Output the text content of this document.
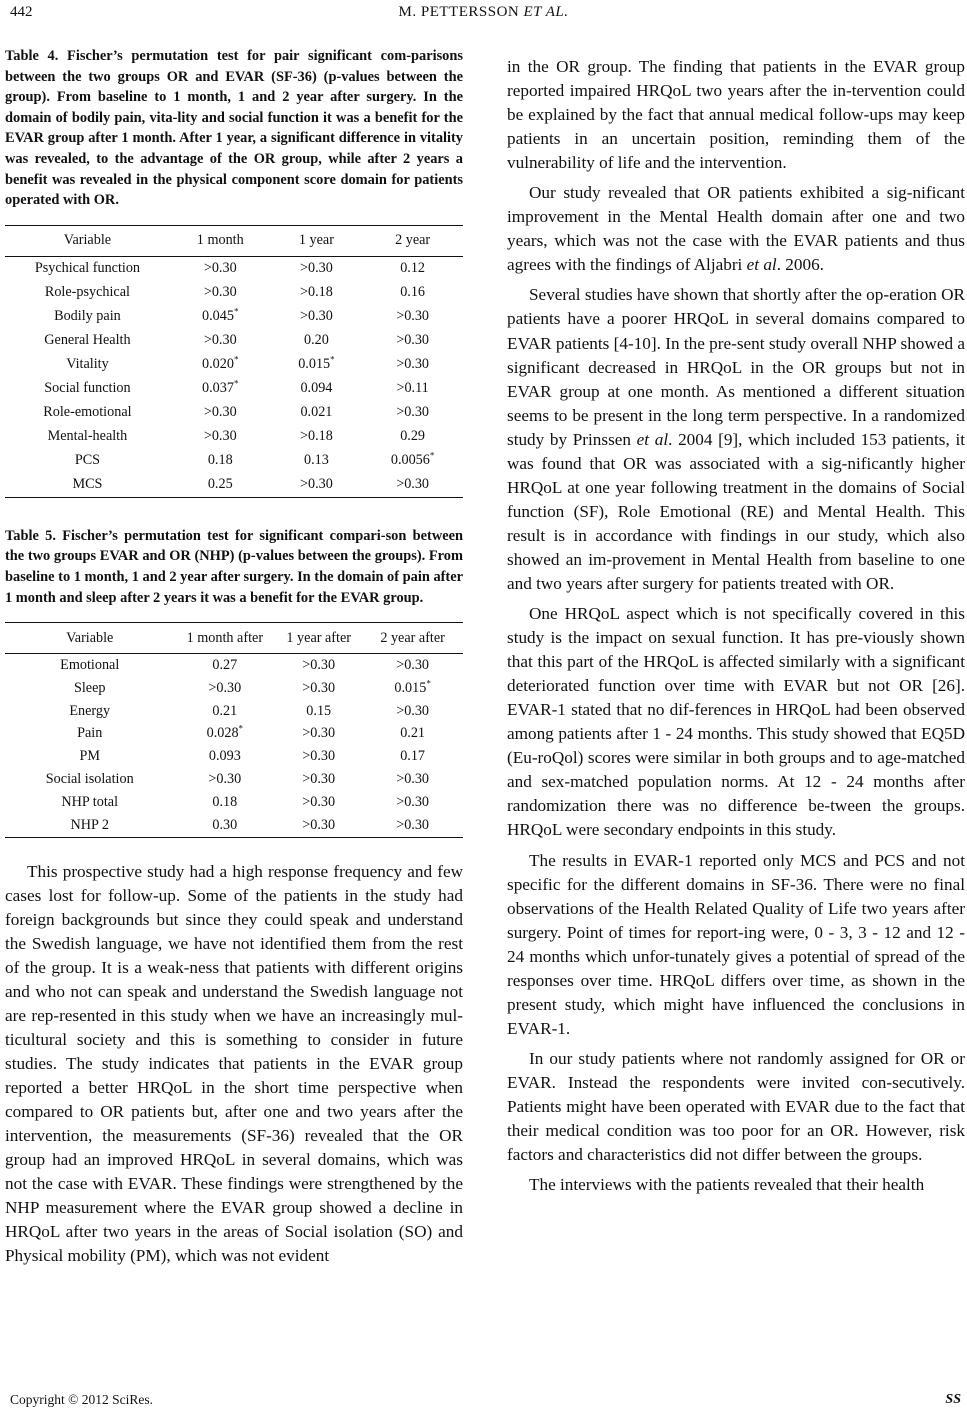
442	M. PETTERSSON ET AL.

Table 4. Fischer’s permutation test for pair significant com-parisons between the two groups OR and EVAR (SF-36) (p-values between the group). From baseline to 1 month, 1 and 2 year after surgery. In the domain of bodily pain, vita-lity and social function it was a benefit for the EVAR group after 1 month. After 1 year, a significant difference in vitality was revealed, to the advantage of the OR group, while after 2 years a benefit was revealed in the physical component score domain for patients operated with OR.

Variable	1 month	1 year	2 year
Psychical function	>0.30	>0.30	0.12
Role-psychical	>0.30	>0.18	0.16
Bodily pain	0.045*	>0.30	>0.30
General Health	>0.30	0.20	>0.30
Vitality	0.020*	0.015*	>0.30
Social function	0.037*	0.094	>0.11
Role-emotional	>0.30	0.021	>0.30
Mental-health	>0.30	>0.18	0.29
PCS	0.18	0.13	0.0056*
MCS	0.25	>0.30	>0.30

Table 5. Fischer’s permutation test for significant compari-son between the two groups EVAR and OR (NHP) (p-values between the groups). From baseline to 1 month, 1 and 2 year after surgery. In the domain of pain after 1 month and sleep after 2 years it was a benefit for the EVAR group.

Variable	1 month after	1 year after	2 year after
Emotional	0.27	>0.30	>0.30
Sleep	>0.30	>0.30	0.015*
Energy	0.21	0.15	>0.30
Pain	0.028*	>0.30	0.21
PM	0.093	>0.30	0.17
Social isolation	>0.30	>0.30	>0.30
NHP total	0.18	>0.30	>0.30
NHP 2	0.30	>0.30	>0.30

This prospective study had a high response frequency and few cases lost for follow-up. Some of the patients in the study had foreign backgrounds but since they could speak and understand the Swedish language, we have not identified them from the rest of the group. It is a weak-ness that patients with different origins and who not can speak and understand the Swedish language not are rep-resented in this study when we have an increasingly mul-ticultural society and this is something to consider in future studies. The study indicates that patients in the EVAR group reported a better HRQoL in the short time perspective when compared to OR patients but, after one and two years after the intervention, the measurements (SF-36) revealed that the OR group had an improved HRQoL in several domains, which was not the case with EVAR. These findings were strengthened by the NHP measurement where the EVAR group showed a decline in HRQoL after two years in the areas of Social isolation (SO) and Physical mobility (PM), which was not evident

in the OR group. The finding that patients in the EVAR group reported impaired HRQoL two years after the in-tervention could be explained by the fact that annual medical follow-ups may keep patients in an uncertain position, reminding them of the vulnerability of life and the intervention.

Our study revealed that OR patients exhibited a sig-nificant improvement in the Mental Health domain after one and two years, which was not the case with the EVAR patients and thus agrees with the findings of Aljabri et al. 2006.

Several studies have shown that shortly after the op-eration OR patients have a poorer HRQoL in several domains compared to EVAR patients [4-10]. In the pre-sent study overall NHP showed a significant decreased in HRQoL in the OR groups but not in EVAR group at one month. As mentioned a different situation seems to be present in the long term perspective. In a randomized study by Prinssen et al. 2004 [9], which included 153 patients, it was found that OR was associated with a sig-nificantly higher HRQoL at one year following treatment in the domains of Social function (SF), Role Emotional (RE) and Mental Health. This result is in accordance with findings in our study, which also showed an im-provement in Mental Health from baseline to one and two years after surgery for patients treated with OR.

One HRQoL aspect which is not specifically covered in this study is the impact on sexual function. It has pre-viously shown that this part of the HRQoL is affected similarly with a significant deteriorated function over time with EVAR but not OR [26]. EVAR-1 stated that no dif-ferences in HRQoL had been observed among patients after 1 - 24 months. This study showed that EQ5D (Eu-roQol) scores were similar in both groups and to age-matched and sex-matched population norms. At 12 - 24 months after randomization there was no difference be-tween the groups. HRQoL were secondary endpoints in this study.

The results in EVAR-1 reported only MCS and PCS and not specific for the different domains in SF-36. There were no final observations of the Health Related Quality of Life two years after surgery. Point of times for report-ing were, 0 - 3, 3 - 12 and 12 - 24 months which unfor-tunately gives a potential of spread of the responses over time. HRQoL differs over time, as shown in the present study, which might have influenced the conclusions in EVAR-1.

In our study patients where not randomly assigned for OR or EVAR. Instead the respondents were invited con-secutively. Patients might have been operated with EVAR due to the fact that their medical condition was too poor for an OR. However, risk factors and characteristics did not differ between the groups.

The interviews with the patients revealed that their health

Copyright © 2012 SciRes.	SS
